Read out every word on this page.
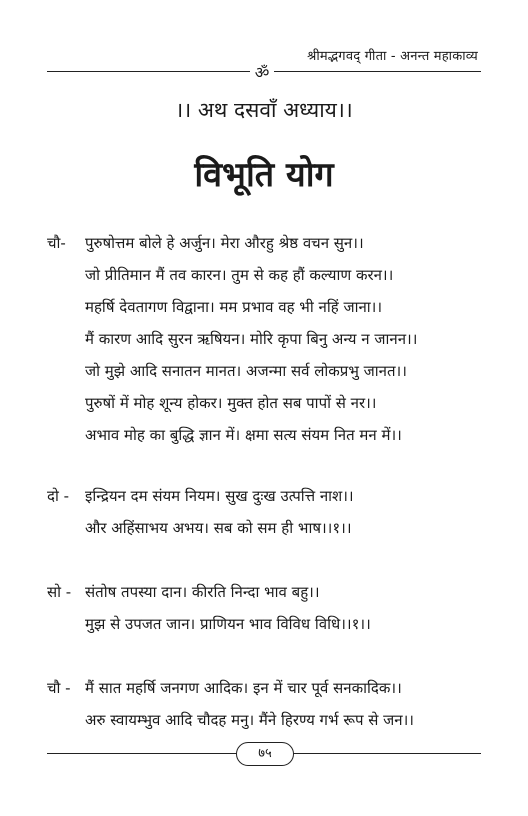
श्रीमद्भगवद् गीता - अनन्त महाकाव्य
ॐ
।। अथ दसवाँ अध्याय।।
विभूति योग
चौ- पुरुषोत्तम बोले हे अर्जुन। मेरा औरहु श्रेष्ठ वचन सुन।।
जो प्रीतिमान मैं तव कारन। तुम से कह हौं कल्याण करन।।
महर्षि देवतागण विद्वाना। मम प्रभाव वह भी नहिं जाना।।
मैं कारण आदि सुरन ऋषियन। मोरि कृपा बिनु अन्य न जानन।।
जो मुझे आदि सनातन मानत। अजन्मा सर्व लोकप्रभु जानत।।
पुरुषों में मोह शून्य होकर। मुक्त होत सब पापों से नर।।
अभाव मोह का बुद्धि ज्ञान में। क्षमा सत्य संयम नित मन में।।
दो - इन्द्रियन दम संयम नियम। सुख दुःख उत्पत्ति नाश।।
और अहिंसाभय अभय। सब को सम ही भाष।।१।।
सो - संतोष तपस्या दान। कीरति निन्दा भाव बहु।।
मुझ से उपजत जान। प्राणियन भाव विविध विधि।।१।।
चौ - मैं सात महर्षि जनगण आदिक। इन में चार पूर्व सनकादिक।।
अरु स्वायम्भुव आदि चौदह मनु। मैंने हिरण्य गर्भ रूप से जन।।
७५
